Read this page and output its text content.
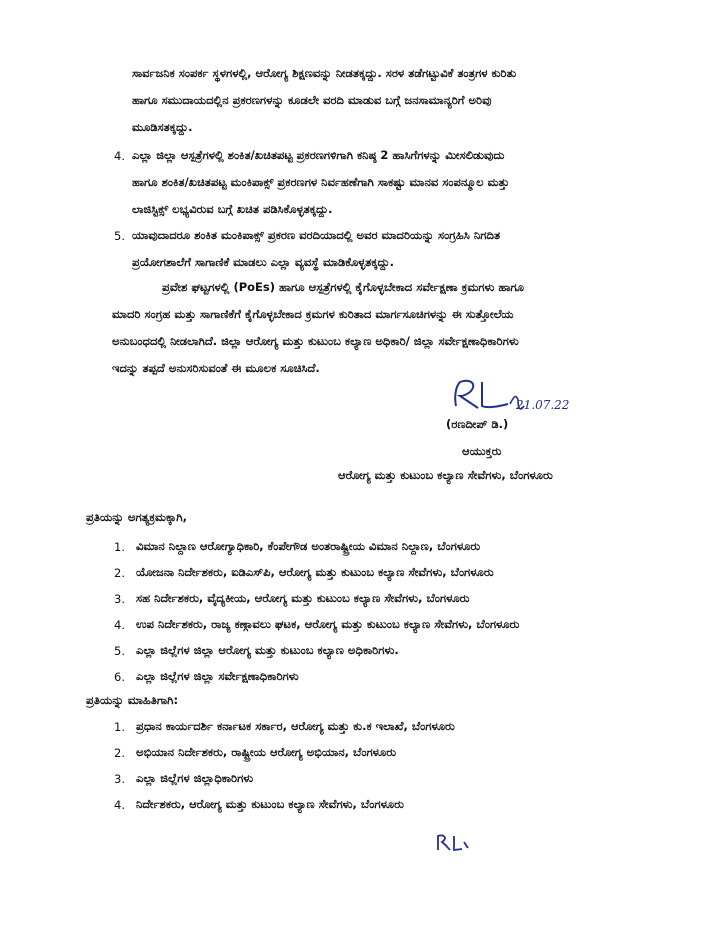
ಸಾರ್ವಜನಿಕ ಸಂಪರ್ಕ ಸ್ಥಳಗಳಲ್ಲಿ, ಆರೋಗ್ಯ ಶಿಕ್ಷಣವನ್ನು ನೀಡತಕ್ಕದ್ದು. ಸರಳ ತಡೆಗಟ್ಟುವಿಕೆ ತಂತ್ರಗಳ ಕುರಿತು
ಹಾಗೂ ಸಮುದಾಯದಲ್ಲಿನ ಪ್ರಕರಣಗಳನ್ನು ಕೂಡಲೇ ವರದಿ ಮಾಡುವ ಬಗ್ಗೆ ಜನಸಾಮಾನ್ಯರಿಗೆ ಅರಿವು
ಮೂಡಿಸತಕ್ಕದ್ದು.
4. ಎಲ್ಲಾ ಜಿಲ್ಲಾ ಆಸ್ಪತ್ರೆಗಳಲ್ಲಿ ಶಂಕಿತ/ಖಚಿತಪಟ್ಟ ಪ್ರಕರಣಗಳಿಗಾಗಿ ಕನಿಷ್ಠ 2 ಹಾಸಿಗೆಗಳನ್ನು ಮೀಸಲಿಡುವುದು
ಹಾಗೂ ಶಂಕಿತ/ಖಚಿತಪಟ್ಟ ಮಂಕಿಪಾಕ್ಸ್ ಪ್ರಕರಣಗಳ ನಿರ್ವಹಣೆಗಾಗಿ ಸಾಕಷ್ಟು ಮಾನವ ಸಂಪನ್ಮೂಲ ಮತ್ತು
ಲಾಜಿಸ್ಟಿಕ್ಸ್ ಲಭ್ಯವಿರುವ ಬಗ್ಗೆ ಖಚಿತ ಪಡಿಸಿಕೊಳ್ಳತಕ್ಕದ್ದು.
5. ಯಾವುದಾದರೂ ಶಂಕಿತ ಮಂಕಿಪಾಕ್ಸ್ ಪ್ರಕರಣ ವರದಿಯಾದಲ್ಲಿ ಅವರ ಮಾದರಿಯನ್ನು ಸಂಗ್ರಹಿಸಿ ನಿಗದಿತ
ಪ್ರಯೋಗಶಾಲೆಗೆ ಸಾಗಾಣಿಕೆ ಮಾಡಲು ಎಲ್ಲಾ ವ್ಯವಸ್ಥೆ ಮಾಡಿಕೊಳ್ಳತಕ್ಕದ್ದು.
ಪ್ರವೇಶ ಘಟ್ಟಗಳಲ್ಲಿ (PoEs) ಹಾಗೂ ಆಸ್ಪತ್ರೆಗಳಲ್ಲಿ ಕೈಗೊಳ್ಳಬೇಕಾದ ಸರ್ವೇಕ್ಷಣಾ ಕ್ರಮಗಳು ಹಾಗೂ
ಮಾದರಿ ಸಂಗ್ರಹ ಮತ್ತು ಸಾಗಾಣಿಕೆಗೆ ಕೈಗೊಳ್ಳಬೇಕಾದ ಕ್ರಮಗಳ ಕುರಿತಾದ ಮಾರ್ಗಸೂಚಿಗಳನ್ನು ಈ ಸುತ್ತೋಲೆಯ
ಅನುಬಂಧದಲ್ಲಿ ನೀಡಲಾಗಿದೆ. ಜಿಲ್ಲಾ ಆರೋಗ್ಯ ಮತ್ತು ಕುಟುಂಬ ಕಲ್ಯಾಣ ಅಧಿಕಾರಿ/ ಜಿಲ್ಲಾ ಸರ್ವೇಕ್ಷಣಾಧಿಕಾರಿಗಳು
ಇದನ್ನು ತಪ್ಪದೆ ಅನುಸರಿಸುವಂತೆ ಈ ಮೂಲಕ ಸೂಚಿಸಿದೆ.
21.07.22
(ರಣದೀಪ್ ಡಿ.)
ಆಯುಕ್ತರು
ಆರೋಗ್ಯ ಮತ್ತು ಕುಟುಂಬ ಕಲ್ಯಾಣ ಸೇವೆಗಳು, ಬೆಂಗಳೂರು
ಪ್ರತಿಯನ್ನು ಅಗತ್ಯಕ್ರಮಕ್ಕಾಗಿ,
1. ವಿಮಾನ ನಿಲ್ದಾಣ ಆರೋಗ್ಯಾಧಿಕಾರಿ, ಕೆಂಪೇಗೌಡ ಅಂತರಾಷ್ಟ್ರೀಯ ವಿಮಾನ ನಿಲ್ದಾಣ, ಬೆಂಗಳೂರು
2. ಯೋಜನಾ ನಿರ್ದೇಶಕರು, ಐಡಿಎಸ್‌ಪಿ, ಆರೋಗ್ಯ ಮತ್ತು ಕುಟುಂಬ ಕಲ್ಯಾಣ ಸೇವೆಗಳು, ಬೆಂಗಳೂರು
3. ಸಹ ನಿರ್ದೇಶಕರು, ವೈದ್ಯಕೀಯ, ಆರೋಗ್ಯ ಮತ್ತು ಕುಟುಂಬ ಕಲ್ಯಾಣ ಸೇವೆಗಳು, ಬೆಂಗಳೂರು
4. ಉಪ ನಿರ್ದೇಶಕರು, ರಾಜ್ಯ ಕಣ್ಗಾವಲು ಘಟಕ, ಆರೋಗ್ಯ ಮತ್ತು ಕುಟುಂಬ ಕಲ್ಯಾಣ ಸೇವೆಗಳು, ಬೆಂಗಳೂರು
5. ಎಲ್ಲಾ ಜಿಲ್ಲೆಗಳ ಜಿಲ್ಲಾ ಆರೋಗ್ಯ ಮತ್ತು ಕುಟುಂಬ ಕಲ್ಯಾಣ ಅಧಿಕಾರಿಗಳು.
6. ಎಲ್ಲಾ ಜಿಲ್ಲೆಗಳ ಜಿಲ್ಲಾ ಸರ್ವೇಕ್ಷಣಾಧಿಕಾರಿಗಳು
ಪ್ರತಿಯನ್ನು ಮಾಹಿತಿಗಾಗಿ:
1. ಪ್ರಧಾನ ಕಾರ್ಯದರ್ಶಿ ಕರ್ನಾಟಕ ಸರ್ಕಾರ, ಆರೋಗ್ಯ ಮತ್ತು ಕು.ಕ ಇಲಾಖೆ, ಬೆಂಗಳೂರು
2. ಅಭಿಯಾನ ನಿರ್ದೇಶಕರು, ರಾಷ್ಟ್ರೀಯ ಆರೋಗ್ಯ ಅಭಿಯಾನ, ಬೆಂಗಳೂರು
3. ಎಲ್ಲಾ ಜಿಲ್ಲೆಗಳ ಜಿಲ್ಲಾಧಿಕಾರಿಗಳು
4. ನಿರ್ದೇಶಕರು, ಆರೋಗ್ಯ ಮತ್ತು ಕುಟುಂಬ ಕಲ್ಯಾಣ ಸೇವೆಗಳು, ಬೆಂಗಳೂರು
